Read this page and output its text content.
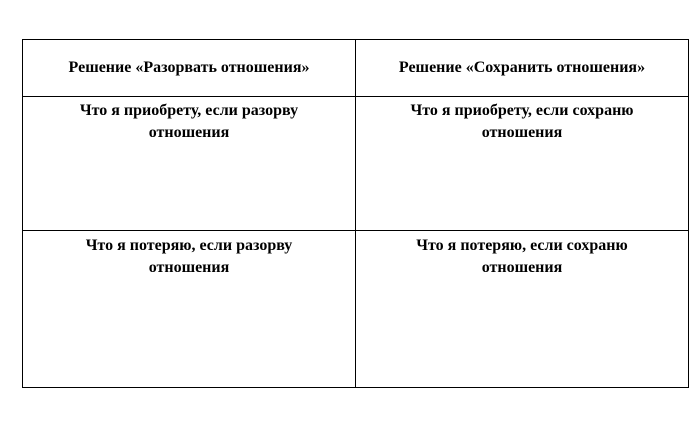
Решение «Разорвать отношения»	Решение «Сохранить отношения»
Что я приобрету, если разорву отношения
Что я приобрету, если сохраню отношения
Что я потеряю, если разорву отношения
Что я потеряю, если сохраню отношения
